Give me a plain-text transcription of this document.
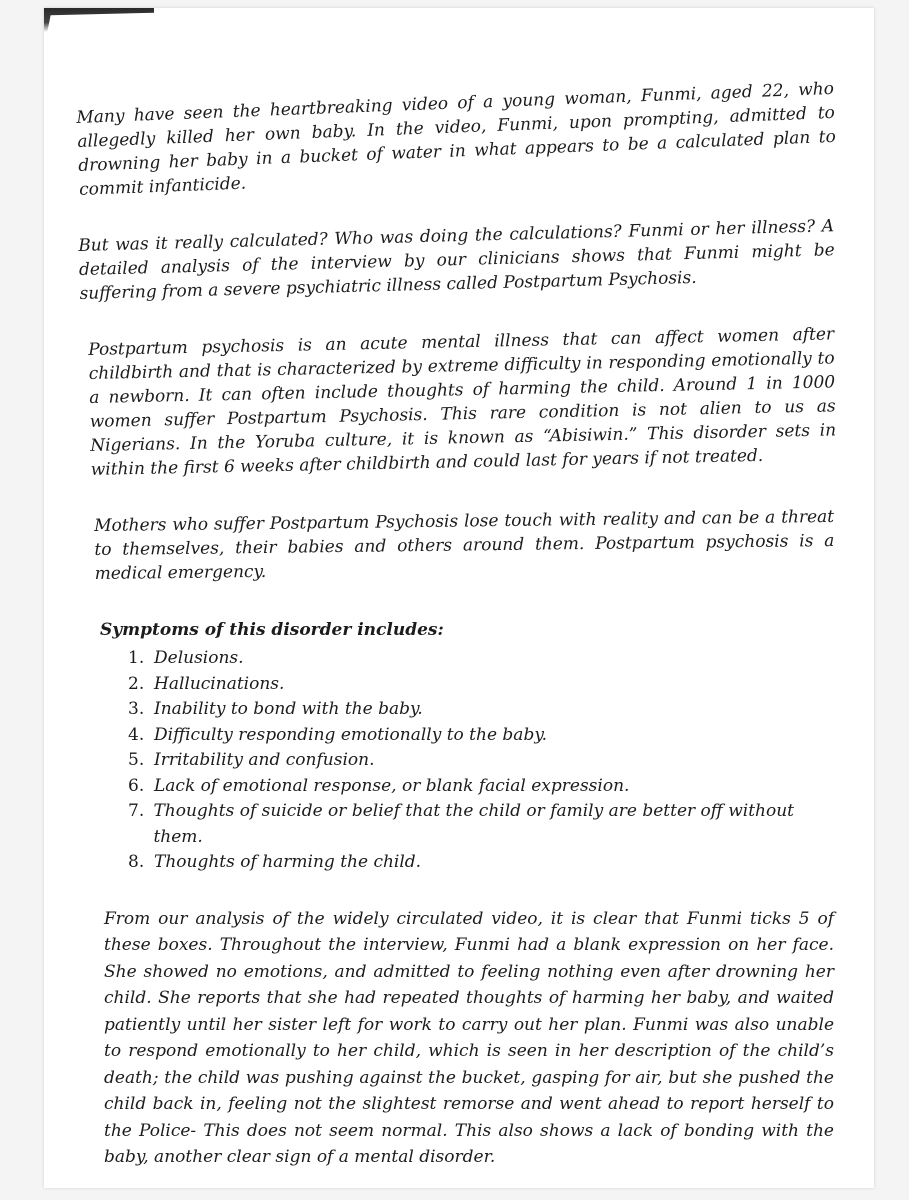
Many have seen the heartbreaking video of a young woman, Funmi, aged 22, who allegedly killed her own baby. In the video, Funmi, upon prompting, admitted to drowning her baby in a bucket of water in what appears to be a calculated plan to commit infanticide.

But was it really calculated? Who was doing the calculations? Funmi or her illness? A detailed analysis of the interview by our clinicians shows that Funmi might be suffering from a severe psychiatric illness called Postpartum Psychosis.

Postpartum psychosis is an acute mental illness that can affect women after childbirth and that is characterized by extreme difficulty in responding emotionally to a newborn. It can often include thoughts of harming the child. Around 1 in 1000 women suffer Postpartum Psychosis. This rare condition is not alien to us as Nigerians. In the Yoruba culture, it is known as “Abisiwin.” This disorder sets in within the first 6 weeks after childbirth and could last for years if not treated.

Mothers who suffer Postpartum Psychosis lose touch with reality and can be a threat to themselves, their babies and others around them. Postpartum psychosis is a medical emergency.

Symptoms of this disorder includes:

1. Delusions.
2. Hallucinations.
3. Inability to bond with the baby.
4. Difficulty responding emotionally to the baby.
5. Irritability and confusion.
6. Lack of emotional response, or blank facial expression.
7. Thoughts of suicide or belief that the child or family are better off without them.
8. Thoughts of harming the child.

From our analysis of the widely circulated video, it is clear that Funmi ticks 5 of these boxes. Throughout the interview, Funmi had a blank expression on her face. She showed no emotions, and admitted to feeling nothing even after drowning her child. She reports that she had repeated thoughts of harming her baby, and waited patiently until her sister left for work to carry out her plan. Funmi was also unable to respond emotionally to her child, which is seen in her description of the child’s death; the child was pushing against the bucket, gasping for air, but she pushed the child back in, feeling not the slightest remorse and went ahead to report herself to the Police- This does not seem normal. This also shows a lack of bonding with the baby, another clear sign of a mental disorder.
